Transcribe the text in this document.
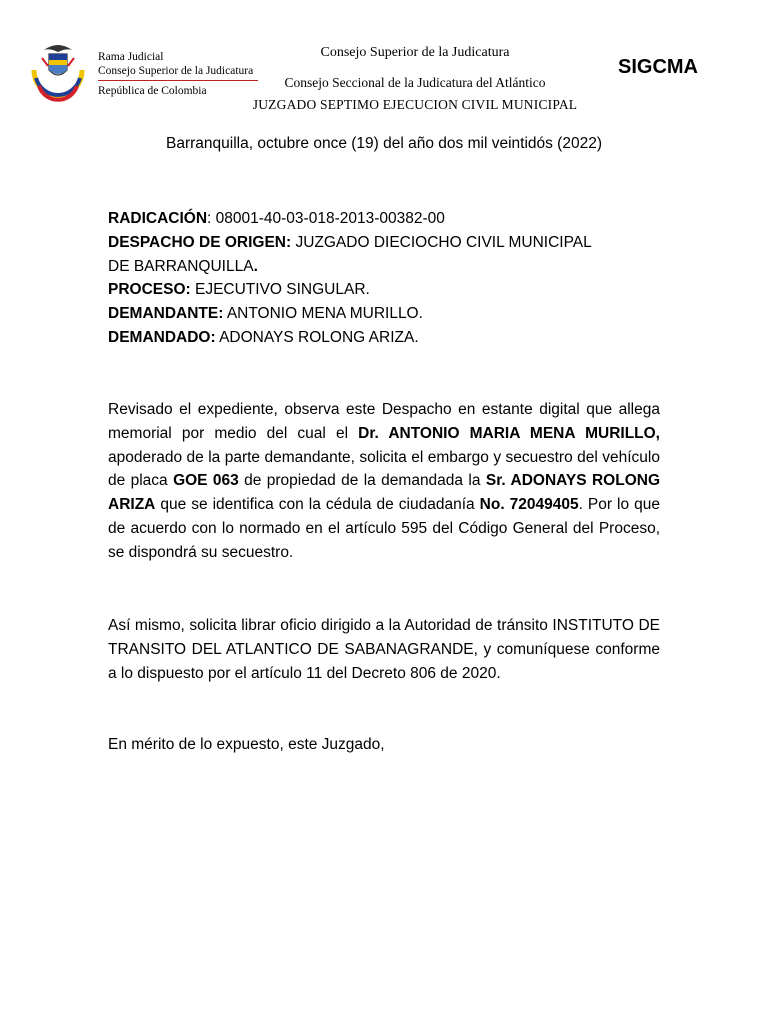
Rama Judicial
Consejo Superior de la Judicatura
República de Colombia
Consejo Superior de la Judicatura
Consejo Seccional de la Judicatura del Atlántico
JUZGADO SEPTIMO EJECUCION CIVIL MUNICIPAL
SIGCMA
Barranquilla, octubre once (19) del año dos mil veintidós (2022)

RADICACIÓN: 08001-40-03-018-2013-00382-00

DESPACHO DE ORIGEN: JUZGADO DIECIOCHO CIVIL MUNICIPAL

DE BARRANQUILLA.

PROCESO: EJECUTIVO SINGULAR.

DEMANDANTE: ANTONIO MENA MURILLO.

DEMANDADO: ADONAYS ROLONG ARIZA.

Revisado el expediente, observa este Despacho en estante digital que allega memorial por medio del cual el Dr. ANTONIO MARIA MENA MURILLO, apoderado de la parte demandante, solicita el embargo y secuestro del vehículo de placa GOE 063 de propiedad de la demandada la Sr. ADONAYS ROLONG ARIZA que se identifica con la cédula de ciudadanía No. 72049405. Por lo que de acuerdo con lo normado en el artículo 595 del Código General del Proceso, se dispondrá su secuestro.

Así mismo, solicita librar oficio dirigido a la Autoridad de tránsito INSTITUTO DE TRANSITO DEL ATLANTICO DE SABANAGRANDE, y comuníquese conforme a lo dispuesto por el artículo 11 del Decreto 806 de 2020.

En mérito de lo expuesto, este Juzgado,
